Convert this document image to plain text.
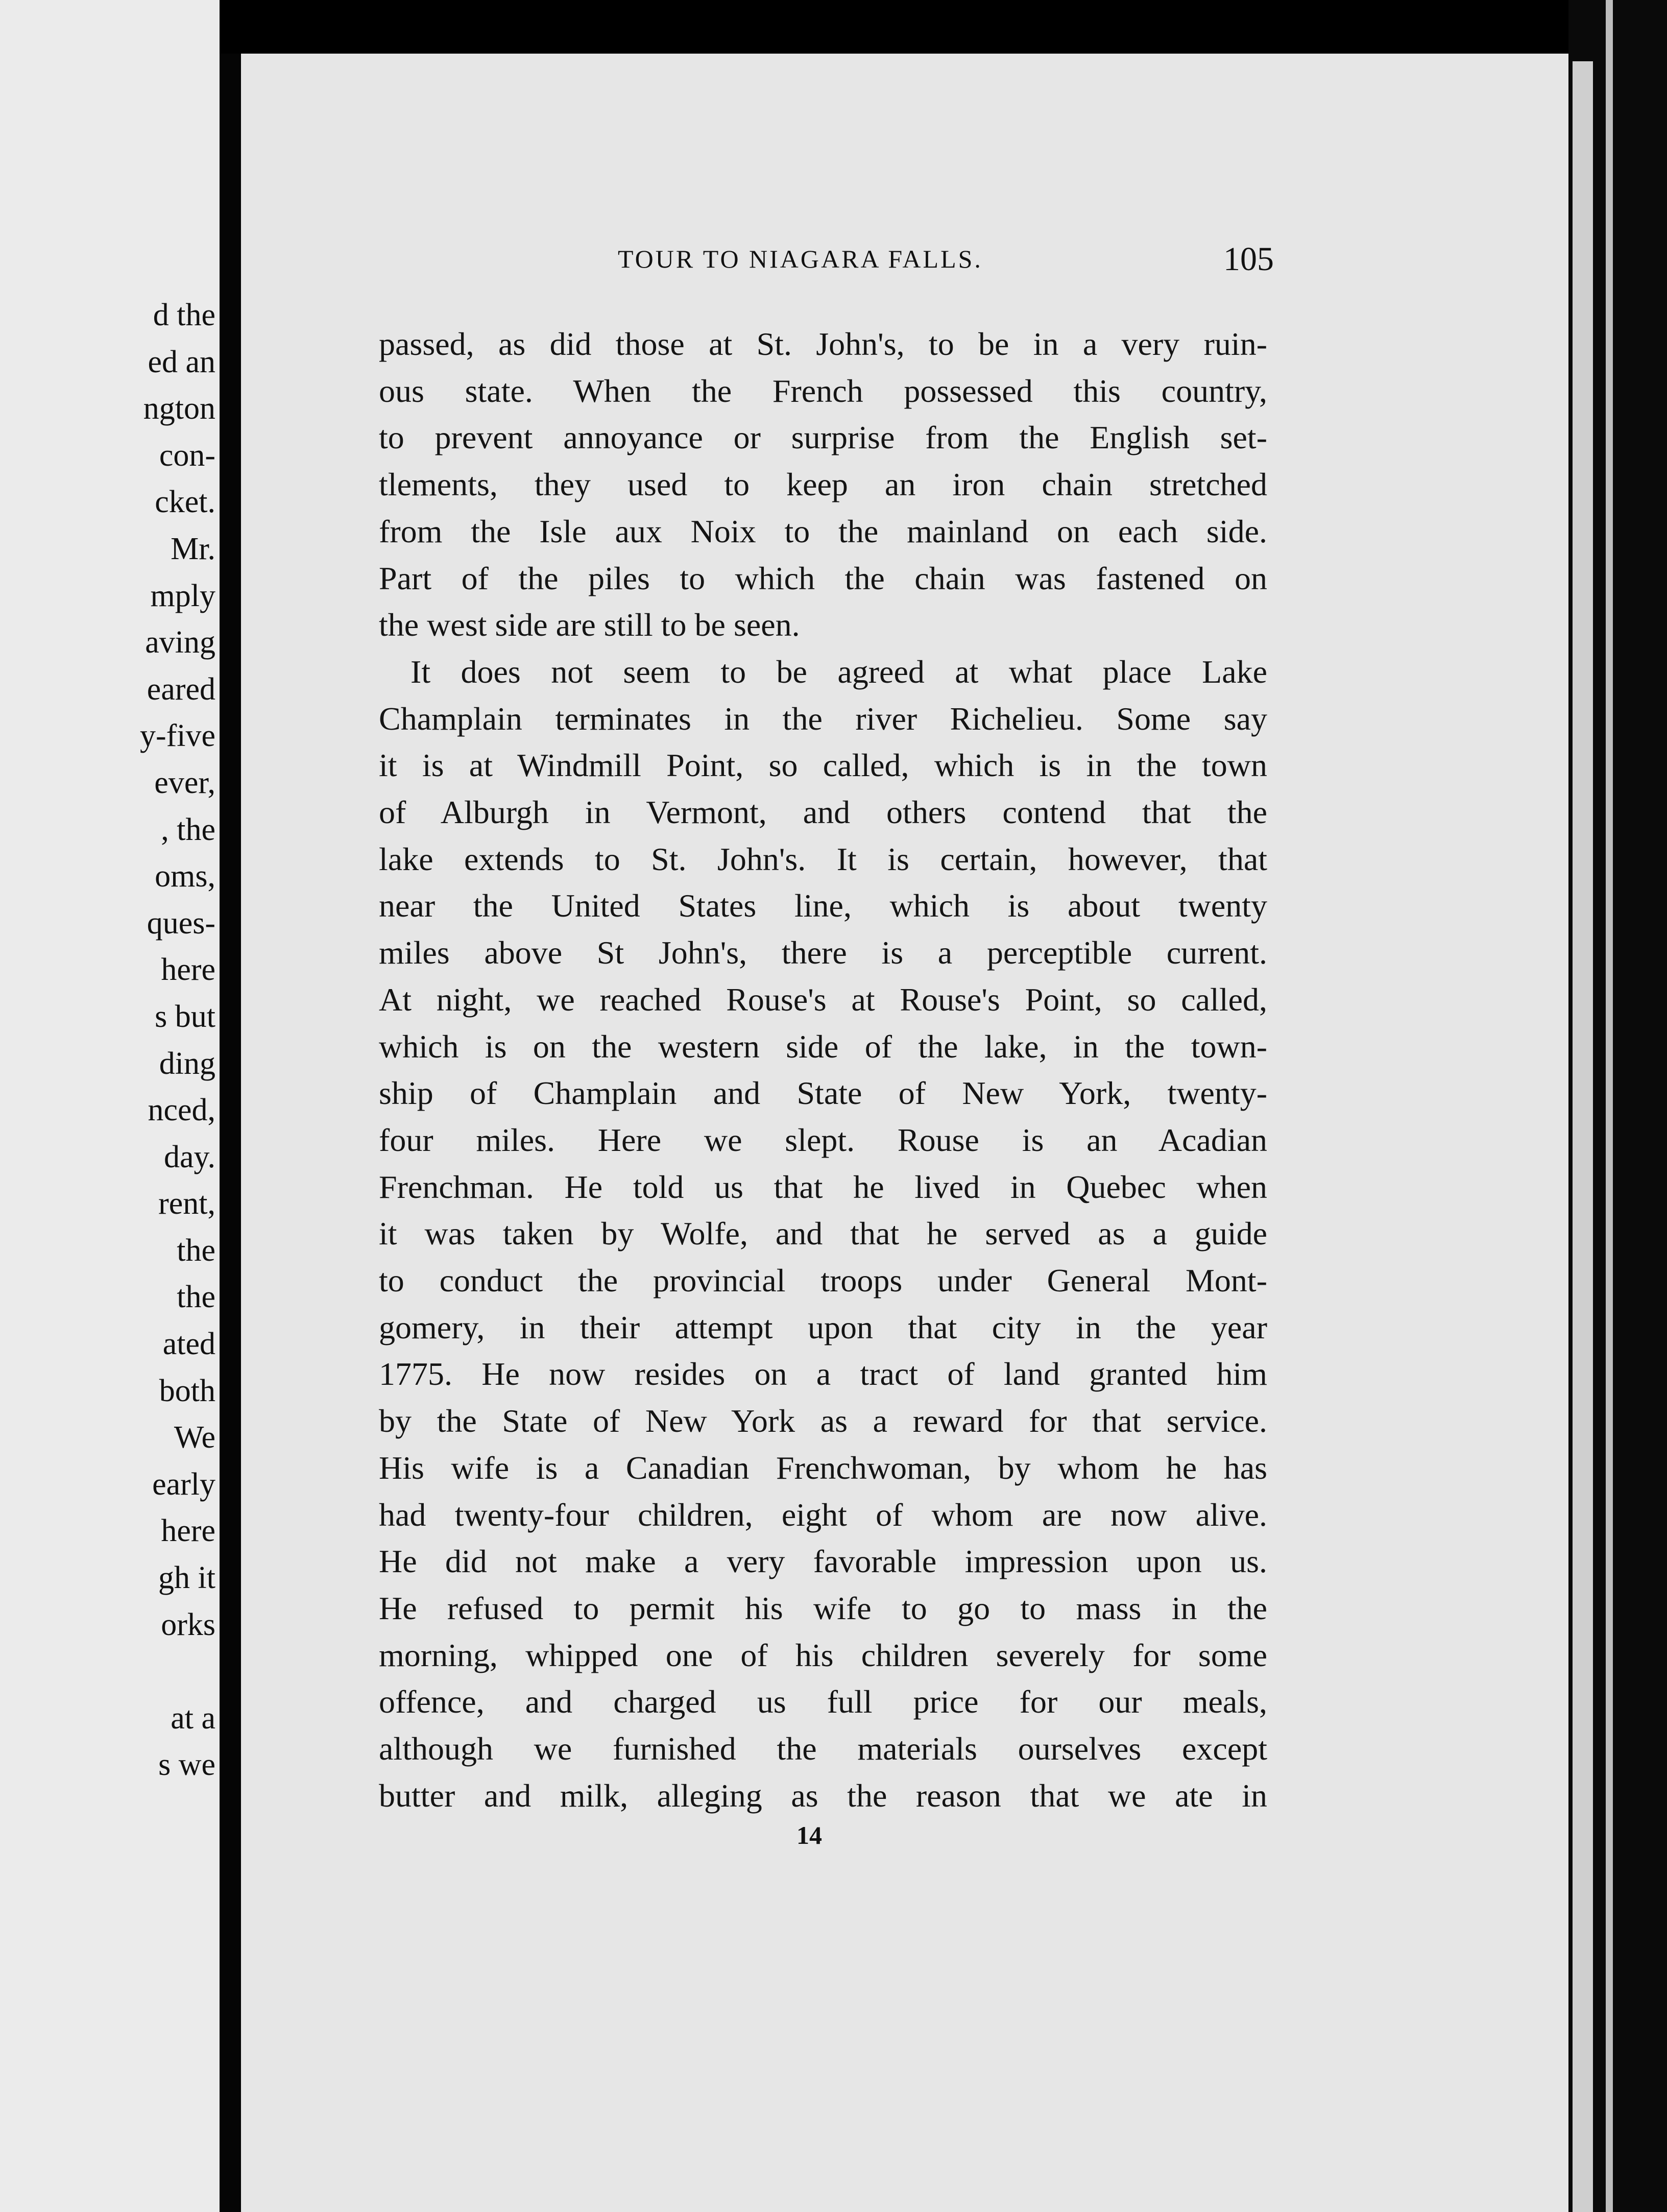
d the
ed an
ngton
con-
cket.
Mr.
mply
aving
eared
y-five
ever,
, the
oms,
ques-
here
s but
ding
nced,
day.
rent,
the
the
ated
both
We
early
here
gh it
orks

at a
s we
TOUR TO NIAGARA FALLS.	105
passed, as did those at St. John's, to be in a very ruin-
ous state. When the French possessed this country,
to prevent annoyance or surprise from the English set-
tlements, they used to keep an iron chain stretched
from the Isle aux Noix to the mainland on each side.
Part of the piles to which the chain was fastened on
the west side are still to be seen.
It does not seem to be agreed at what place Lake
Champlain terminates in the river Richelieu. Some say
it is at Windmill Point, so called, which is in the town
of Alburgh in Vermont, and others contend that the
lake extends to St. John's. It is certain, however, that
near the United States line, which is about twenty
miles above St John's, there is a perceptible current.
At night, we reached Rouse's at Rouse's Point, so called,
which is on the western side of the lake, in the town-
ship of Champlain and State of New York, twenty-
four miles. Here we slept. Rouse is an Acadian
Frenchman. He told us that he lived in Quebec when
it was taken by Wolfe, and that he served as a guide
to conduct the provincial troops under General Mont-
gomery, in their attempt upon that city in the year
1775. He now resides on a tract of land granted him
by the State of New York as a reward for that service.
His wife is a Canadian Frenchwoman, by whom he has
had twenty-four children, eight of whom are now alive.
He did not make a very favorable impression upon us.
He refused to permit his wife to go to mass in the
morning, whipped one of his children severely for some
offence, and charged us full price for our meals,
although we furnished the materials ourselves except
butter and milk, alleging as the reason that we ate in
14
